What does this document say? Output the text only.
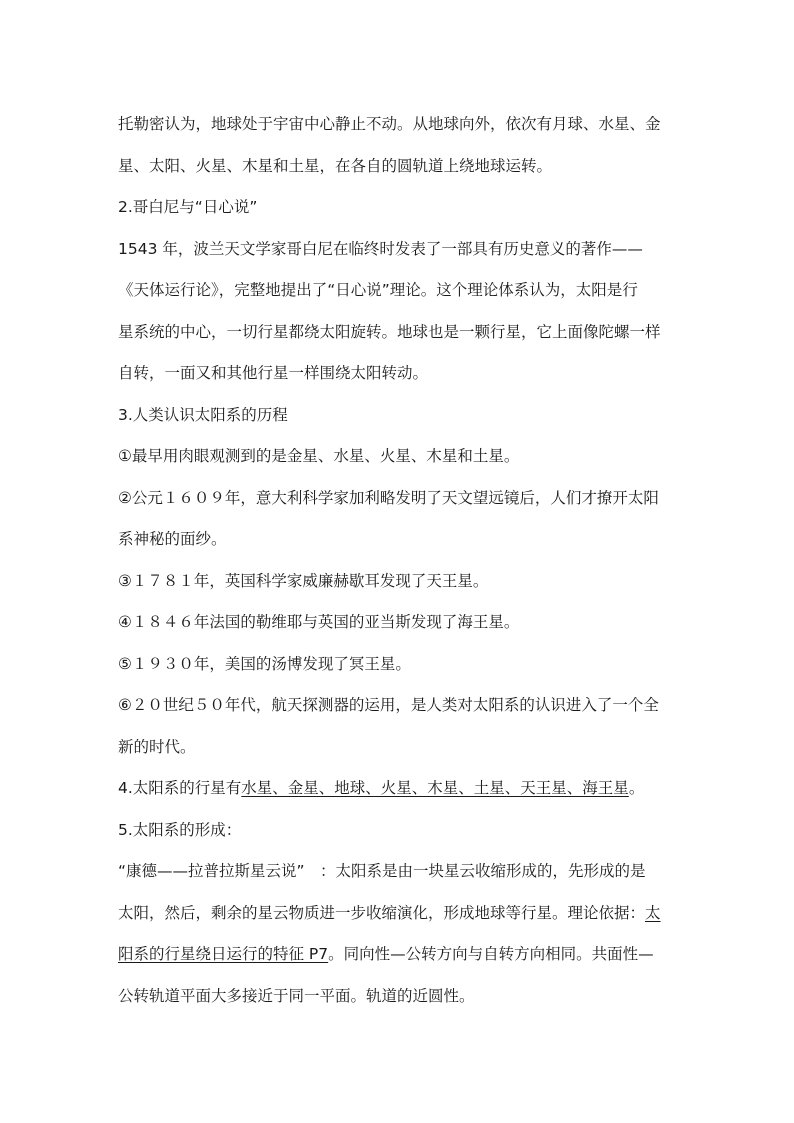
托勒密认为，地球处于宇宙中心静止不动。从地球向外，依次有月球、水星、金
星、太阳、火星、木星和土星，在各自的圆轨道上绕地球运转。
2.哥白尼与“日心说”
1543 年，波兰天文学家哥白尼在临终时发表了一部具有历史意义的著作——
《天体运行论》，完整地提出了“日心说”理论。这个理论体系认为，太阳是行
星系统的中心，一切行星都绕太阳旋转。地球也是一颗行星，它上面像陀螺一样
自转，一面又和其他行星一样围绕太阳转动。
3.人类认识太阳系的历程
①最早用肉眼观测到的是金星、水星、火星、木星和土星。
②公元１６０９年，意大利科学家加利略发明了天文望远镜后，人们才撩开太阳
系神秘的面纱。
③１７８１年，英国科学家威廉赫歇耳发现了天王星。
④１８４６年法国的勒维耶与英国的亚当斯发现了海王星。
⑤１９３０年，美国的汤博发现了冥王星。
⑥２０世纪５０年代，航天探测器的运用，是人类对太阳系的认识进入了一个全
新的时代。
4.太阳系的行星有水星、金星、地球、火星、木星、土星、天王星、海王星。
5.太阳系的形成：
“康德——拉普拉斯星云说”　：太阳系是由一块星云收缩形成的，先形成的是
太阳，然后，剩余的星云物质进一步收缩演化，形成地球等行星。理论依据：太
阳系的行星绕日运行的特征 P7。同向性—公转方向与自转方向相同。共面性—
公转轨道平面大多接近于同一平面。轨道的近圆性。
